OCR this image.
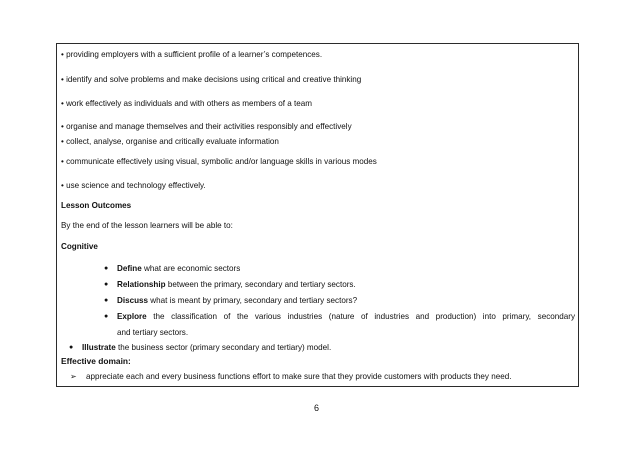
• providing employers with a sufficient profile of a learner’s competences.
• identify and solve problems and make decisions using critical and creative thinking
• work effectively as individuals and with others as members of a team
• organise and manage themselves and their activities responsibly and effectively
• collect, analyse, organise and critically evaluate information
• communicate effectively using visual, symbolic and/or language skills in various modes
• use science and technology effectively.
Lesson Outcomes
By the end of the lesson learners will be able to:
Cognitive
● Define what are economic sectors
● Relationship between the primary, secondary and tertiary sectors.
● Discuss what is meant by primary, secondary and tertiary sectors?
● Explore the classification of the various industries (nature of industries and production) into primary, secondary
and tertiary sectors.
● Illustrate the business sector (primary secondary and tertiary) model.
Effective domain:
➢ appreciate each and every business functions effort to make sure that they provide customers with products they need.
6
